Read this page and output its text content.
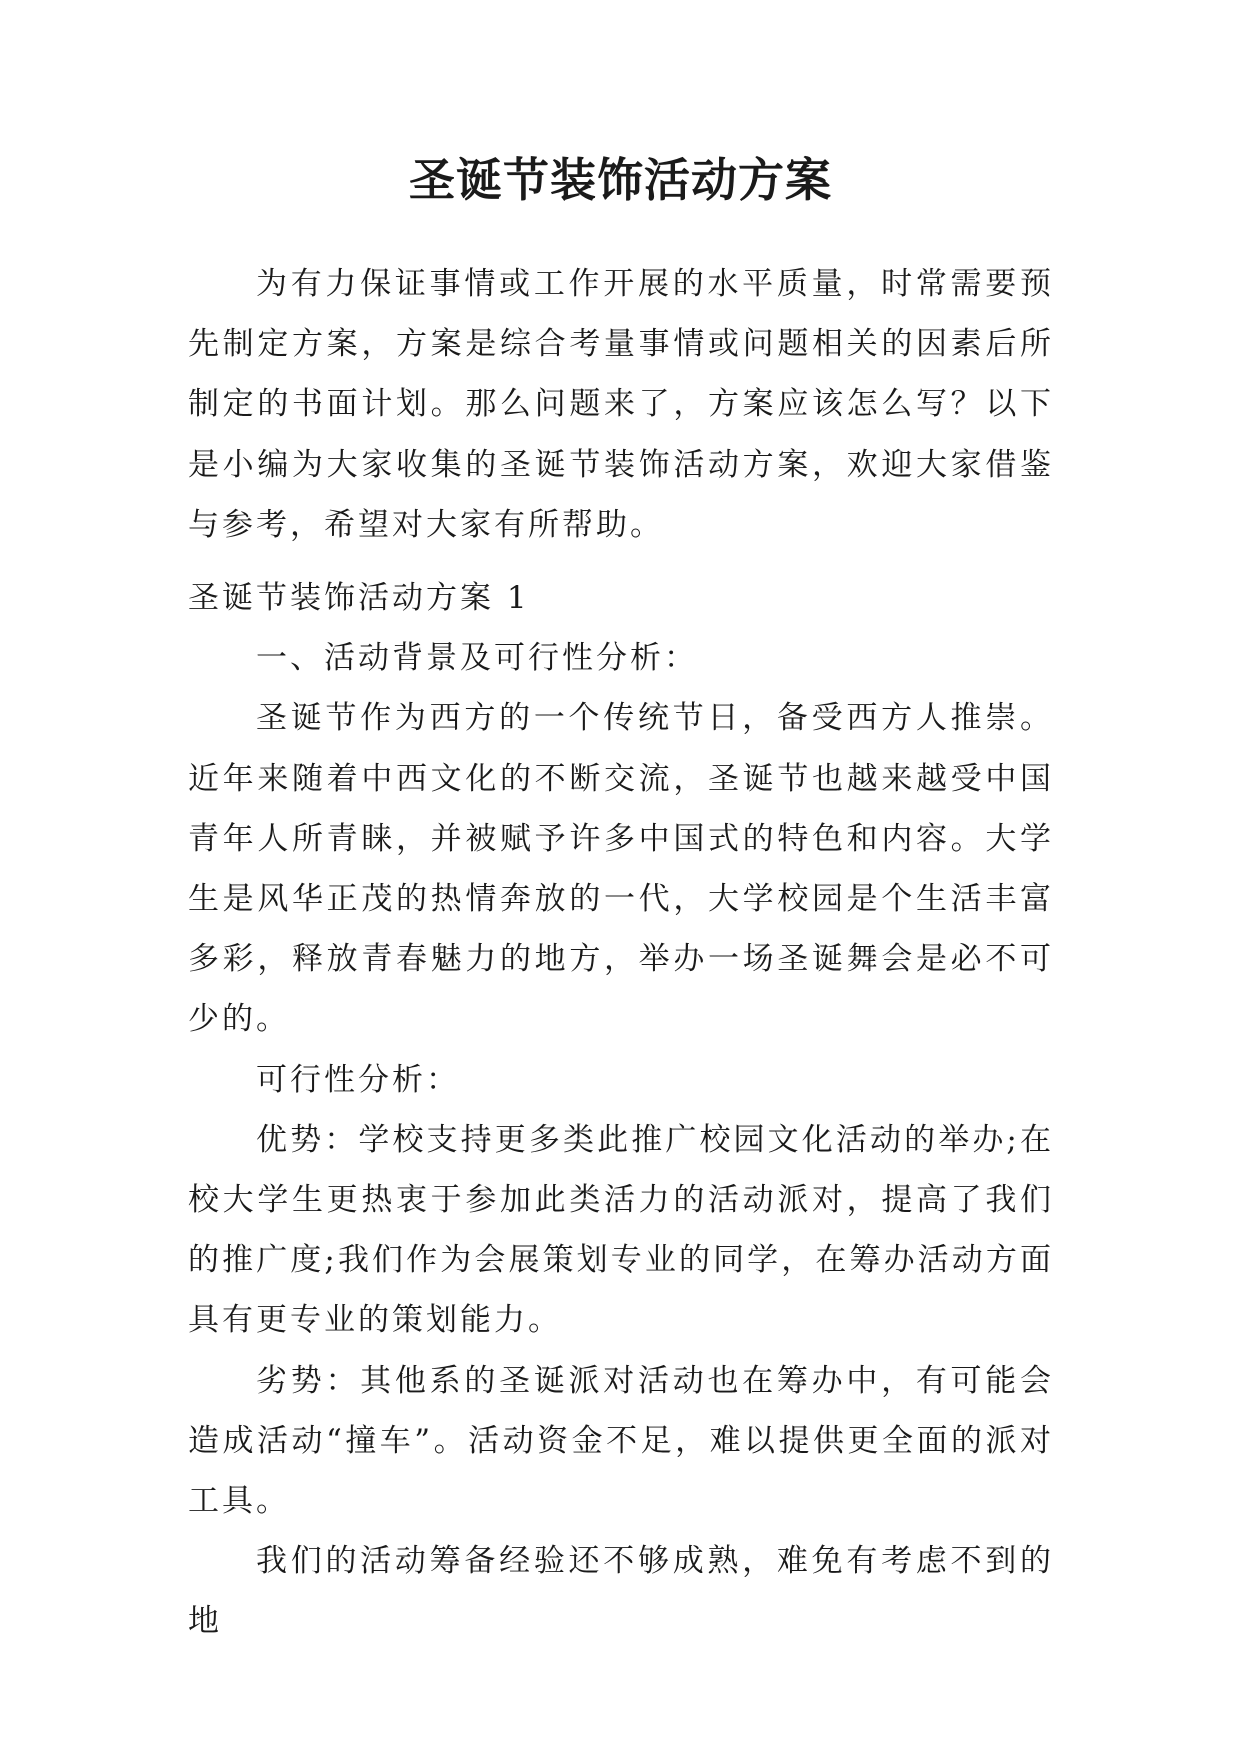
圣诞节装饰活动方案

为有力保证事情或工作开展的水平质量，时常需要预先制定方案，方案是综合考量事情或问题相关的因素后所制定的书面计划。那么问题来了，方案应该怎么写？以下是小编为大家收集的圣诞节装饰活动方案，欢迎大家借鉴与参考，希望对大家有所帮助。

圣诞节装饰活动方案 1

一、活动背景及可行性分析：

圣诞节作为西方的一个传统节日，备受西方人推崇。近年来随着中西文化的不断交流，圣诞节也越来越受中国青年人所青睐，并被赋予许多中国式的特色和内容。大学生是风华正茂的热情奔放的一代，大学校园是个生活丰富多彩，释放青春魅力的地方，举办一场圣诞舞会是必不可少的。

可行性分析：

优势：学校支持更多类此推广校园文化活动的举办;在校大学生更热衷于参加此类活力的活动派对，提高了我们的推广度;我们作为会展策划专业的同学，在筹办活动方面具有更专业的策划能力。

劣势：其他系的圣诞派对活动也在筹办中，有可能会造成活动“撞车”。活动资金不足，难以提供更全面的派对工具。

我们的活动筹备经验还不够成熟，难免有考虑不到的地
